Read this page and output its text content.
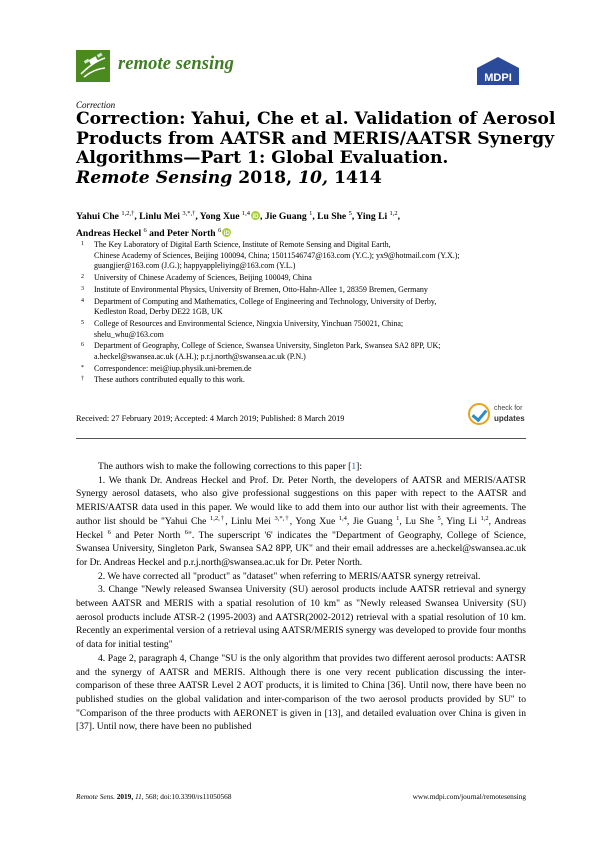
remote sensing
MDPI
Correction
Correction: Yahui, Che et al. Validation of Aerosol
Products from AATSR and MERIS/AATSR Synergy
Algorithms—Part 1: Global Evaluation.
Remote Sensing 2018, 10, 1414
Yahui Che $^{1,2,\dagger}$, Linlu Mei $^{3,*,\dagger}$, Yong Xue $^{1,4}$
iD , Jie Guang $^1$, Lu She $^5$, Ying Li $^{1,2}$,
Andreas Heckel $^6$ and Peter North $^6$
iD
1 The Key Laboratory of Digital Earth Science, Institute of Remote Sensing and Digital Earth,
Chinese Academy of Sciences, Beijing 100094, China; 15011546747@163.com (Y.C.); yx9@hotmail.com (Y.X.);
guangjier@163.com (J.G.); happyappleliying@163.com (Y.L.)
2 University of Chinese Academy of Sciences, Beijing 100049, China
3 Institute of Environmental Physics, University of Bremen, Otto-Hahn-Allee 1, 28359 Bremen, Germany
4 Department of Computing and Mathematics, College of Engineering and Technology, University of Derby,
Kedleston Road, Derby DE22 1GB, UK
5 College of Resources and Environmental Science, Ningxia University, Yinchuan 750021, China;
shelu_whu@163.com
6 Department of Geography, College of Science, Swansea University, Singleton Park, Swansea SA2 8PP, UK;
a.heckel@swansea.ac.uk (A.H.); p.r.j.north@swansea.ac.uk (P.N.)
* Correspondence: mei@iup.physik.uni-bremen.de
† These authors contributed equally to this work.
Received: 27 February 2019; Accepted: 4 March 2019; Published: 8 March 2019
check for
updates

The authors wish to make the following corrections to this paper [1]:

1. We thank Dr. Andreas Heckel and Prof. Dr. Peter North, the developers of AATSR and MERIS/AATSR Synergy aerosol datasets, who also give professional suggestions on this paper with repect to the AATSR and MERIS/AATSR data used in this paper. We would like to add them into our author list with their agreements. The author list should be "Yahui Che $^{1,2,\dagger}$, Linlu Mei $^{3,*,\dagger}$, Yong Xue $^{1,4}$, Jie Guang $^1$, Lu She $^5$, Ying Li $^{1,2}$, Andreas Heckel $^6$ and Peter North $^6$". The superscript '6' indicates the "Department of Geography, College of Science, Swansea University, Singleton Park, Swansea SA2 8PP, UK" and their email addresses are a.heckel@swansea.ac.uk for Dr. Andreas Heckel and p.r.j.north@swansea.ac.uk for Dr. Peter North.

2. We have corrected all "product" as "dataset" when referring to MERIS/AATSR synergy retreival.

3. Change "Newly released Swansea University (SU) aerosol products include AATSR retrieval and synergy between AATSR and MERIS with a spatial resolution of 10 km" as "Newly released Swansea University (SU) aerosol products include ATSR-2 (1995-2003) and AATSR(2002-2012) retrieval with a spatial resolution of 10 km. Recently an experimental version of a retrieval using AATSR/MERIS synergy was developed to provide four months of data for initial testing"

4. Page 2, paragraph 4, Change "SU is the only algorithm that provides two different aerosol products: AATSR and the synergy of AATSR and MERIS. Although there is one very recent publication discussing the inter-comparison of these three AATSR Level 2 AOT products, it is limited to China [36]. Until now, there have been no published studies on the global validation and inter-comparison of the two aerosol products provided by SU" to "Comparison of the three products with AERONET is given in [13], and detailed evaluation over China is given in [37]. Until now, there have been no published

Remote Sens. 2019, 11, 568; doi:10.3390/rs11050568	www.mdpi.com/journal/remotesensing
